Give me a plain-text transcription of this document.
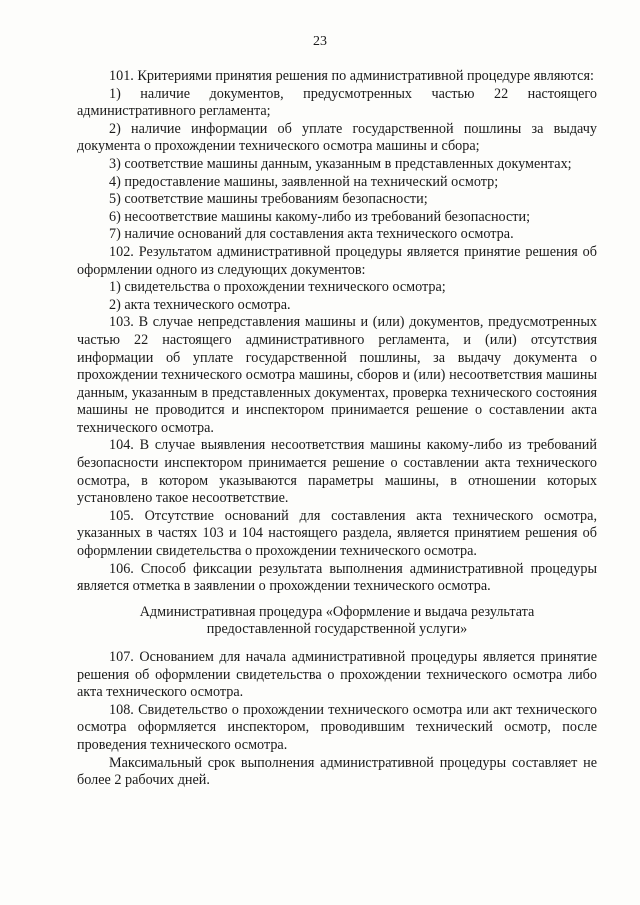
23

101. Критериями принятия решения по административной процедуре являются:

1) наличие документов, предусмотренных частью 22 настоящего административного регламента;

2) наличие информации об уплате государственной пошлины за выдачу документа о прохождении технического осмотра машины и сбора;

3) соответствие машины данным, указанным в представленных документах;

4) предоставление машины, заявленной на технический осмотр;

5) соответствие машины требованиям безопасности;

6) несоответствие машины какому-либо из требований безопасности;

7) наличие оснований для составления акта технического осмотра.

102. Результатом административной процедуры является принятие решения об оформлении одного из следующих документов:

1) свидетельства о прохождении технического осмотра;

2) акта технического осмотра.

103. В случае непредставления машины и (или) документов, предусмотренных частью 22 настоящего административного регламента, и (или) отсутствия информации об уплате государственной пошлины, за выдачу документа о прохождении технического осмотра машины, сборов и (или) несоответствия машины данным, указанным в представленных документах, проверка технического состояния машины не проводится и инспектором принимается решение о составлении акта технического осмотра.

104. В случае выявления несоответствия машины какому-либо из требований безопасности инспектором принимается решение о составлении акта технического осмотра, в котором указываются параметры машины, в отношении которых установлено такое несоответствие.

105. Отсутствие оснований для составления акта технического осмотра, указанных в частях 103 и 104 настоящего раздела, является принятием решения об оформлении свидетельства о прохождении технического осмотра.

106. Способ фиксации результата выполнения административной процедуры является отметка в заявлении о прохождении технического осмотра.

Административная процедура «Оформление и выдача результата предоставленной государственной услуги»

107. Основанием для начала административной процедуры является принятие решения об оформлении свидетельства о прохождении технического осмотра либо акта технического осмотра.

108. Свидетельство о прохождении технического осмотра или акт технического осмотра оформляется инспектором, проводившим технический осмотр, после проведения технического осмотра.

Максимальный срок выполнения административной процедуры составляет не более 2 рабочих дней.
